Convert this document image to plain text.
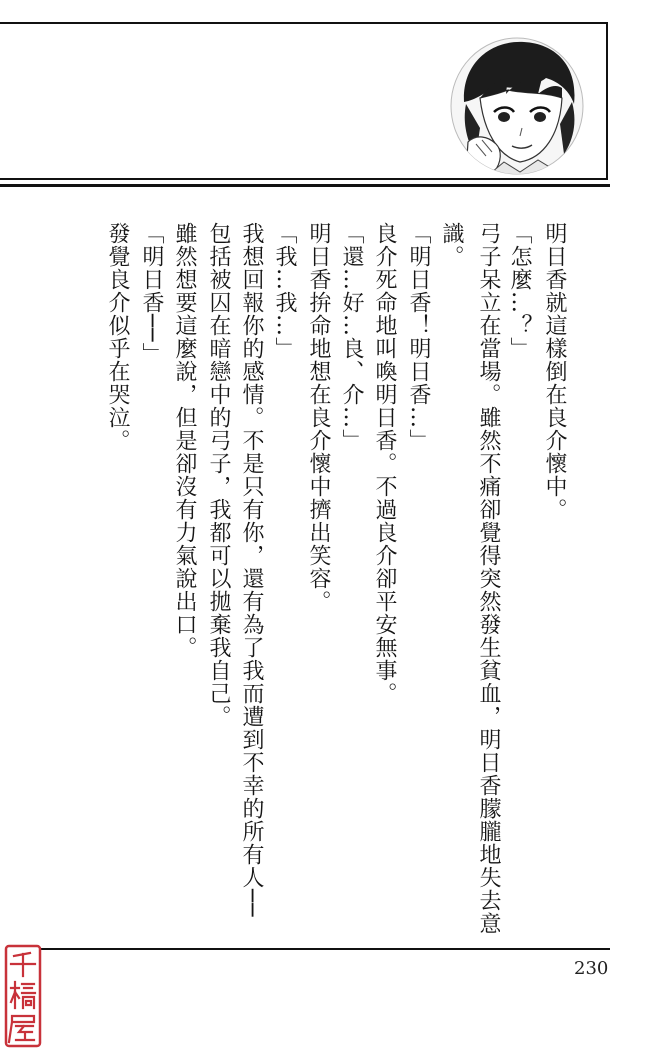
明日香就這樣倒在良介懷中。
「怎麼…？」
弓子呆立在當場。雖然不痛卻覺得突然發生貧血，明日香朦朧地失去意
識。
「明日香！明日香…」
良介死命地叫喚明日香。不過良介卻平安無事。
「還…好…良、介…」
明日香拚命地想在良介懷中擠出笑容。
「我…我…」
我想回報你的感情。不是只有你，還有為了我而遭到不幸的所有人──
包括被囚在暗戀中的弓子，我都可以拋棄我自己。
雖然想要這麼說，但是卻沒有力氣說出口。
「明日香──」
發覺良介似乎在哭泣。
230
